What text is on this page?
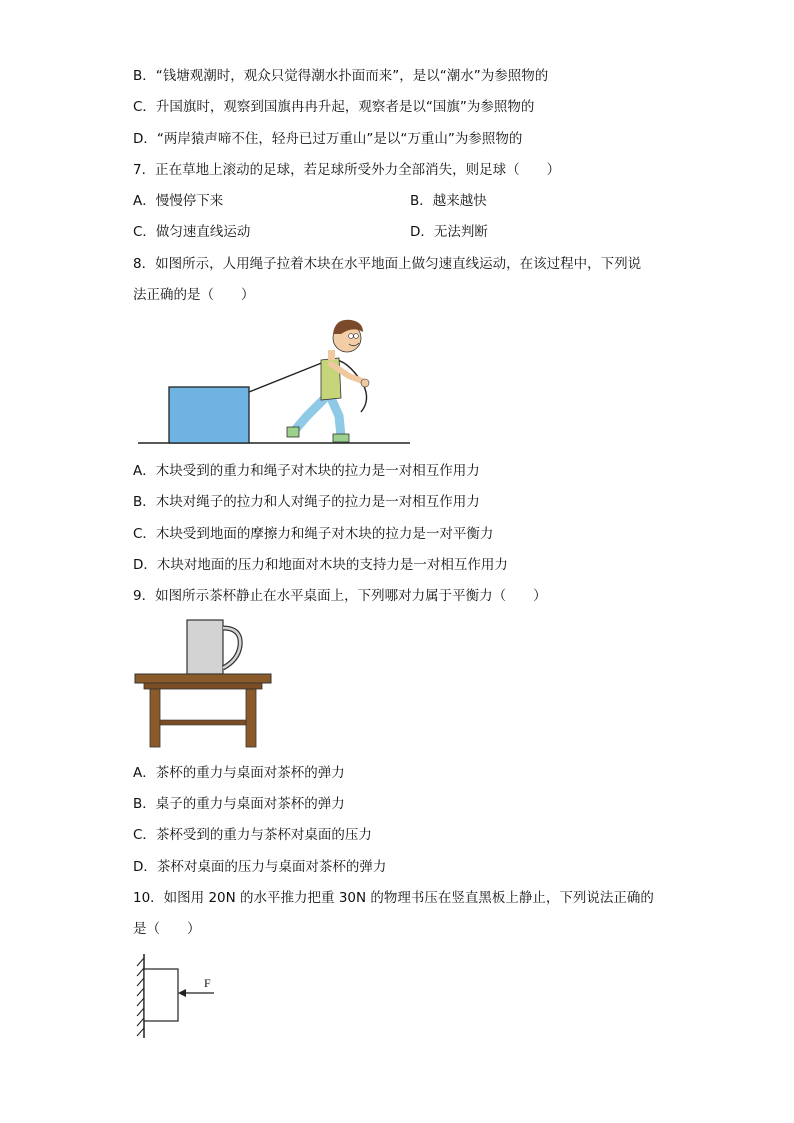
B．“钱塘观潮时，观众只觉得潮水扑面而来”，是以“潮水”为参照物的
C．升国旗时，观察到国旗冉冉升起，观察者是以“国旗”为参照物的
D．“两岸猿声啼不住，轻舟已过万重山”是以“万重山”为参照物的
7．正在草地上滚动的足球，若足球所受外力全部消失，则足球（　　）
A．慢慢停下来	B．越来越快
C．做匀速直线运动	D．无法判断
8．如图所示，人用绳子拉着木块在水平地面上做匀速直线运动，在该过程中，下列说
法正确的是（　　）
A．木块受到的重力和绳子对木块的拉力是一对相互作用力
B．木块对绳子的拉力和人对绳子的拉力是一对相互作用力
C．木块受到地面的摩擦力和绳子对木块的拉力是一对平衡力
D．木块对地面的压力和地面对木块的支持力是一对相互作用力
9．如图所示茶杯静止在水平桌面上，下列哪对力属于平衡力（　　）
A．茶杯的重力与桌面对茶杯的弹力
B．桌子的重力与桌面对茶杯的弹力
C．茶杯受到的重力与茶杯对桌面的压力
D．茶杯对桌面的压力与桌面对茶杯的弹力
10．如图用 20N 的水平推力把重 30N 的物理书压在竖直黑板上静止，下列说法正确的
是（　　）
F
